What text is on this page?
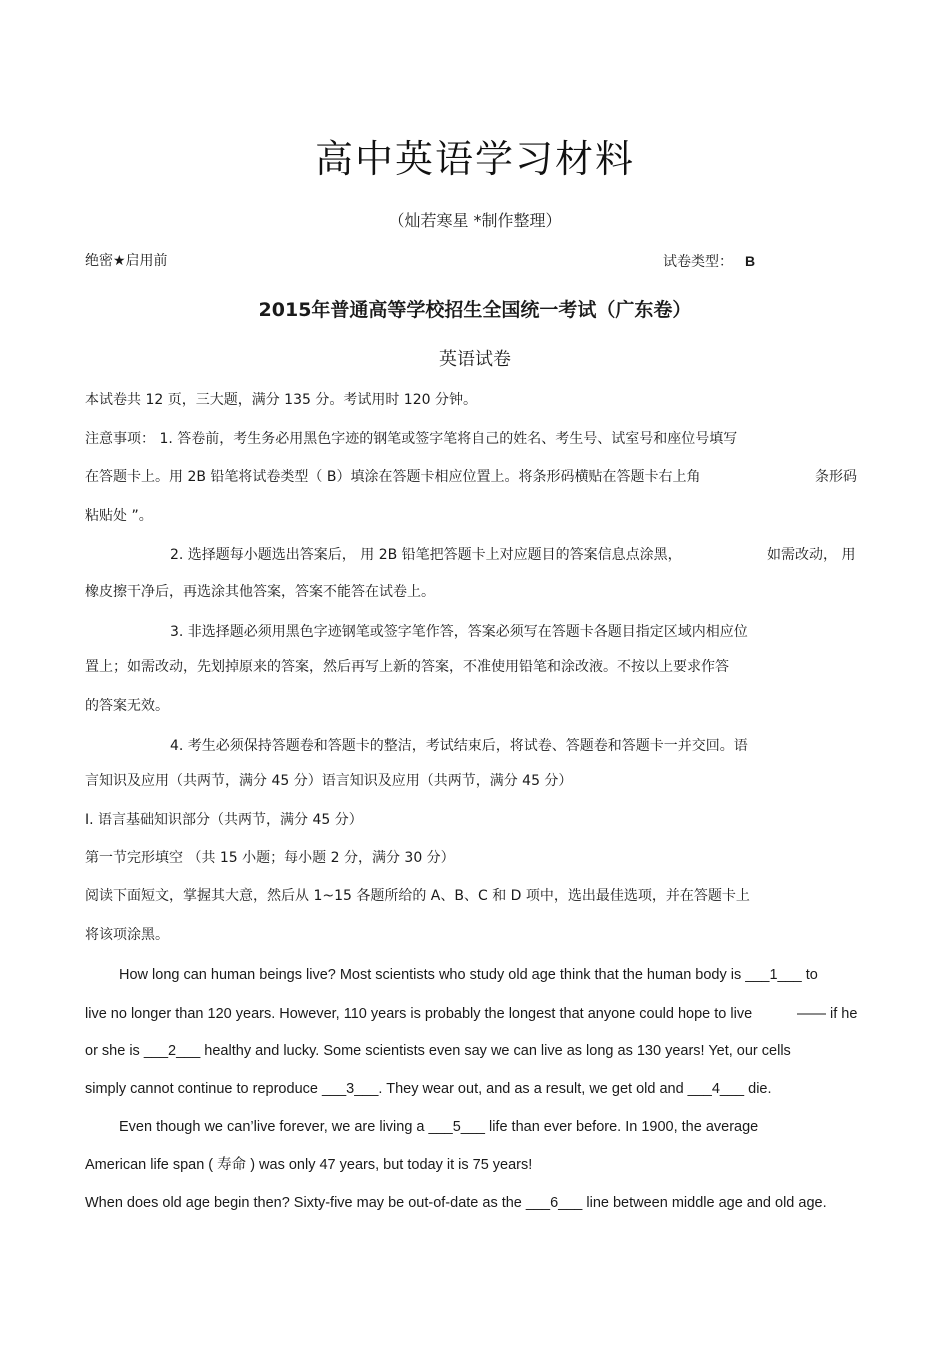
高中英语学习材料
（灿若寒星 *制作整理）
绝密★启用前	试卷类型： B
2015年普通高等学校招生全国统一考试（广东卷）
英语试卷
本试卷共 12 页，三大题，满分 135 分。考试用时 120 分钟。
注意事项： 1. 答卷前，考生务必用黑色字迹的钢笔或签字笔将自己的姓名、考生号、试室号和座位号填写
在答题卡上。用 2B 铅笔将试卷类型（ B）填涂在答题卡相应位置上。将条形码横贴在答题卡右上角	条形码
粘贴处 ”。
2. 选择题每小题选出答案后， 用 2B 铅笔把答题卡上对应题目的答案信息点涂黑，	如需改动， 用
橡皮擦干净后，再选涂其他答案，答案不能答在试卷上。
3. 非选择题必须用黑色字迹钢笔或签字笔作答，答案必须写在答题卡各题目指定区域内相应位
置上；如需改动，先划掉原来的答案，然后再写上新的答案，不准使用铅笔和涂改液。不按以上要求作答
的答案无效。
4. 考生必须保持答题卷和答题卡的整洁，考试结束后，将试卷、答题卷和答题卡一并交回。语
言知识及应用（共两节，满分 45 分）语言知识及应用（共两节，满分 45 分）
Ⅰ. 语言基础知识部分（共两节，满分 45 分）
第一节完形填空 （共 15 小题；每小题 2 分，满分 30 分）
阅读下面短文，掌握其大意，然后从 1~15 各题所给的 A、B、C 和 D 项中，选出最佳选项，并在答题卡上
将该项涂黑。
How long can human beings live? Most scientists who study old age think that the human body is ___1___ to
live no longer than 120 years. However, 110 years is probably the longest that anyone could hope to live	—— if he
or she is ___2___ healthy and lucky. Some scientists even say we can live as long as 130 years! Yet, our cells
simply cannot continue to reproduce ___3___. They wear out, and as a result, we get old and ___4___ die.
Even though we can’live forever, we are living a ___5___ life than ever before. In 1900, the average
American life span ( 寿命 ) was only 47 years, but today it is 75 years!
When does old age begin then? Sixty-five may be out-of-date as the ___6___ line between middle age and old age.
